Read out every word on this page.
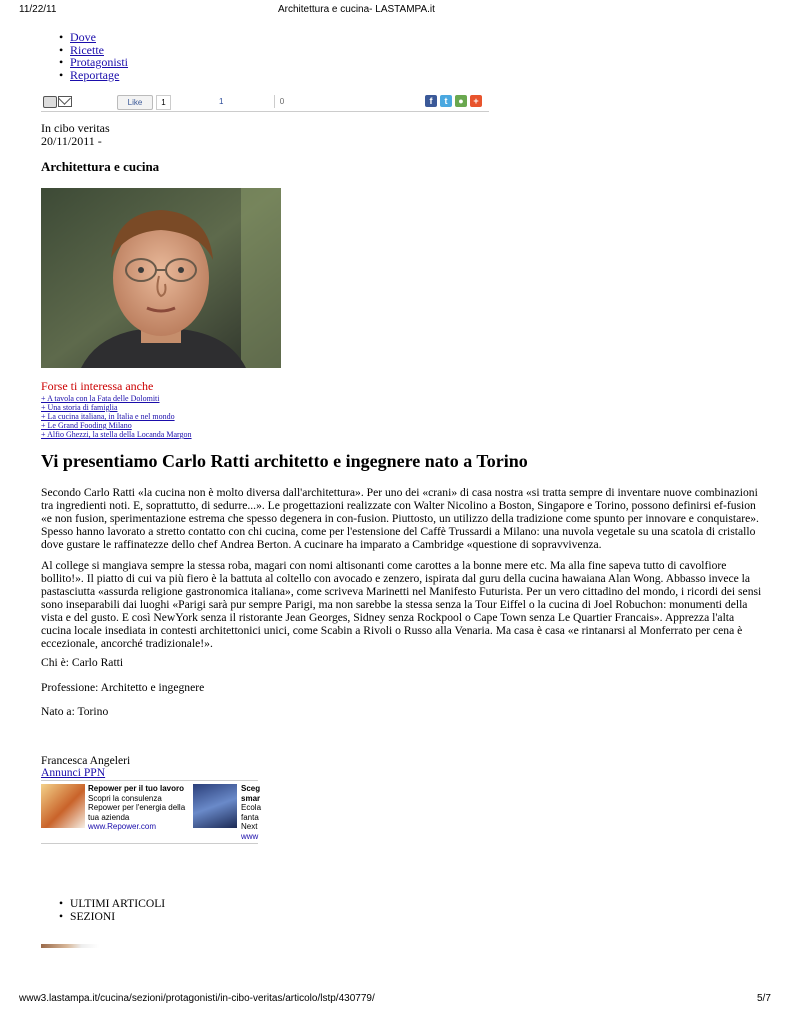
11/22/11	Architettura e cucina- LASTAMPA.it
• Dove
• Ricette
• Protagonisti
• Reportage
Like	1	1	0	f	t	●	+
In cibo veritas
20/11/2011 -
Architettura e cucina
Forse ti interessa anche
+ A tavola con la Fata delle Dolomiti
+ Una storia di famiglia
+ La cucina italiana, in Italia e nel mondo
+ Le Grand Fooding Milano
+ Alfio Ghezzi, la stella della Locanda Margon
Vi presentiamo Carlo Ratti architetto e ingegnere nato a Torino

Secondo Carlo Ratti «la cucina non è molto diversa dall'architettura». Per uno dei «crani» di casa nostra «si tratta sempre di inventare nuove combinazioni tra ingredienti noti. E, soprattutto, di sedurre...». Le progettazioni realizzate con Walter Nicolino a Boston, Singapore e Torino, possono definirsi ef-fusion «e non fusion, sperimentazione estrema che spesso degenera in con-fusion. Piuttosto, un utilizzo della tradizione come spunto per innovare e conquistare». Spesso hanno lavorato a stretto contatto con chi cucina, come per l'estensione del Caffè Trussardi a Milano: una nuvola vegetale su una scatola di cristallo dove gustare le raffinatezze dello chef Andrea Berton. A cucinare ha imparato a Cambridge «questione di sopravvivenza.

Al college si mangiava sempre la stessa roba, magari con nomi altisonanti come carottes a la bonne mere etc. Ma alla fine sapeva tutto di cavolfiore bollito!». Il piatto di cui va più fiero è la battuta al coltello con avocado e zenzero, ispirata dal guru della cucina hawaiana Alan Wong. Abbasso invece la pastasciutta «assurda religione gastronomica italiana», come scriveva Marinetti nel Manifesto Futurista. Per un vero cittadino del mondo, i ricordi dei sensi sono inseparabili dai luoghi «Parigi sarà pur sempre Parigi, ma non sarebbe la stessa senza la Tour Eiffel o la cucina di Joel Robuchon: monumenti della vista e del gusto. E così NewYork senza il ristorante Jean Georges, Sidney senza Rockpool o Cape Town senza Le Quartier Francais». Apprezza l'alta cucina locale insediata in contesti architettonici unici, come Scabin a Rivoli o Russo alla Venaria. Ma casa è casa «e rintanarsi al Monferrato per cena è eccezionale, ancorché tradizionale!».

Chi è: Carlo Ratti
Professione: Architetto e ingegnere
Nato a: Torino
Francesca Angeleri
Annunci PPN
Repower per il tuo lavoro
Scopri la consulenza Repower per l'energia della tua azienda
www.Repower.com
Sceg
smar
Ecola
fanta
Next
www
• ULTIMI ARTICOLI
• SEZIONI
www3.lastampa.it/cucina/sezioni/protagonisti/in-cibo-veritas/articolo/lstp/430779/	5/7
